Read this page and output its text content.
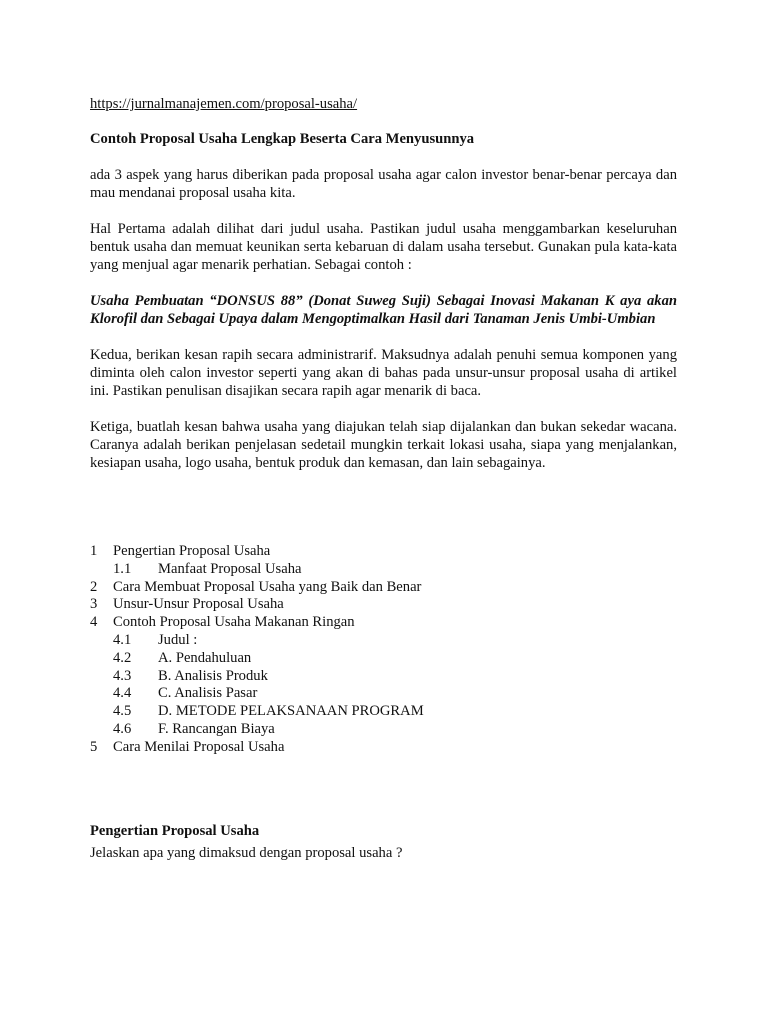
https://jurnalmanajemen.com/proposal-usaha/

Contoh Proposal Usaha Lengkap Beserta Cara Menyusunnya

ada 3 aspek yang harus diberikan pada proposal usaha agar calon investor benar-benar percaya dan mau mendanai proposal usaha kita.

Hal Pertama adalah dilihat dari judul usaha. Pastikan judul usaha menggambarkan keseluruhan bentuk usaha dan memuat keunikan serta kebaruan di dalam usaha tersebut. Gunakan pula kata-kata yang menjual agar menarik perhatian. Sebagai contoh :

Usaha Pembuatan “DONSUS 88” (Donat Suweg Suji) Sebagai Inovasi Makanan K aya akan Klorofil dan Sebagai Upaya dalam Mengoptimalkan Hasil dari Tanaman Jenis Umbi-Umbian

Kedua, berikan kesan rapih secara administrarif. Maksudnya adalah penuhi semua komponen yang diminta oleh calon investor seperti yang akan di bahas pada unsur-unsur proposal usaha di artikel ini. Pastikan penulisan disajikan secara rapih agar menarik di baca.

Ketiga, buatlah kesan bahwa usaha yang diajukan telah siap dijalankan dan bukan sekedar wacana. Caranya adalah berikan penjelasan sedetail mungkin terkait lokasi usaha, siapa yang menjalankan, kesiapan usaha, logo usaha, bentuk produk dan kemasan, dan lain sebagainya.

1 Pengertian Proposal Usaha
1.1 Manfaat Proposal Usaha
2 Cara Membuat Proposal Usaha yang Baik dan Benar
3 Unsur-Unsur Proposal Usaha
4 Contoh Proposal Usaha Makanan Ringan
4.1 Judul :
4.2 A. Pendahuluan
4.3 B. Analisis Produk
4.4 C. Analisis Pasar
4.5 D. METODE PELAKSANAAN PROGRAM
4.6 F. Rancangan Biaya
5 Cara Menilai Proposal Usaha

Pengertian Proposal Usaha

Jelaskan apa yang dimaksud dengan proposal usaha ?
